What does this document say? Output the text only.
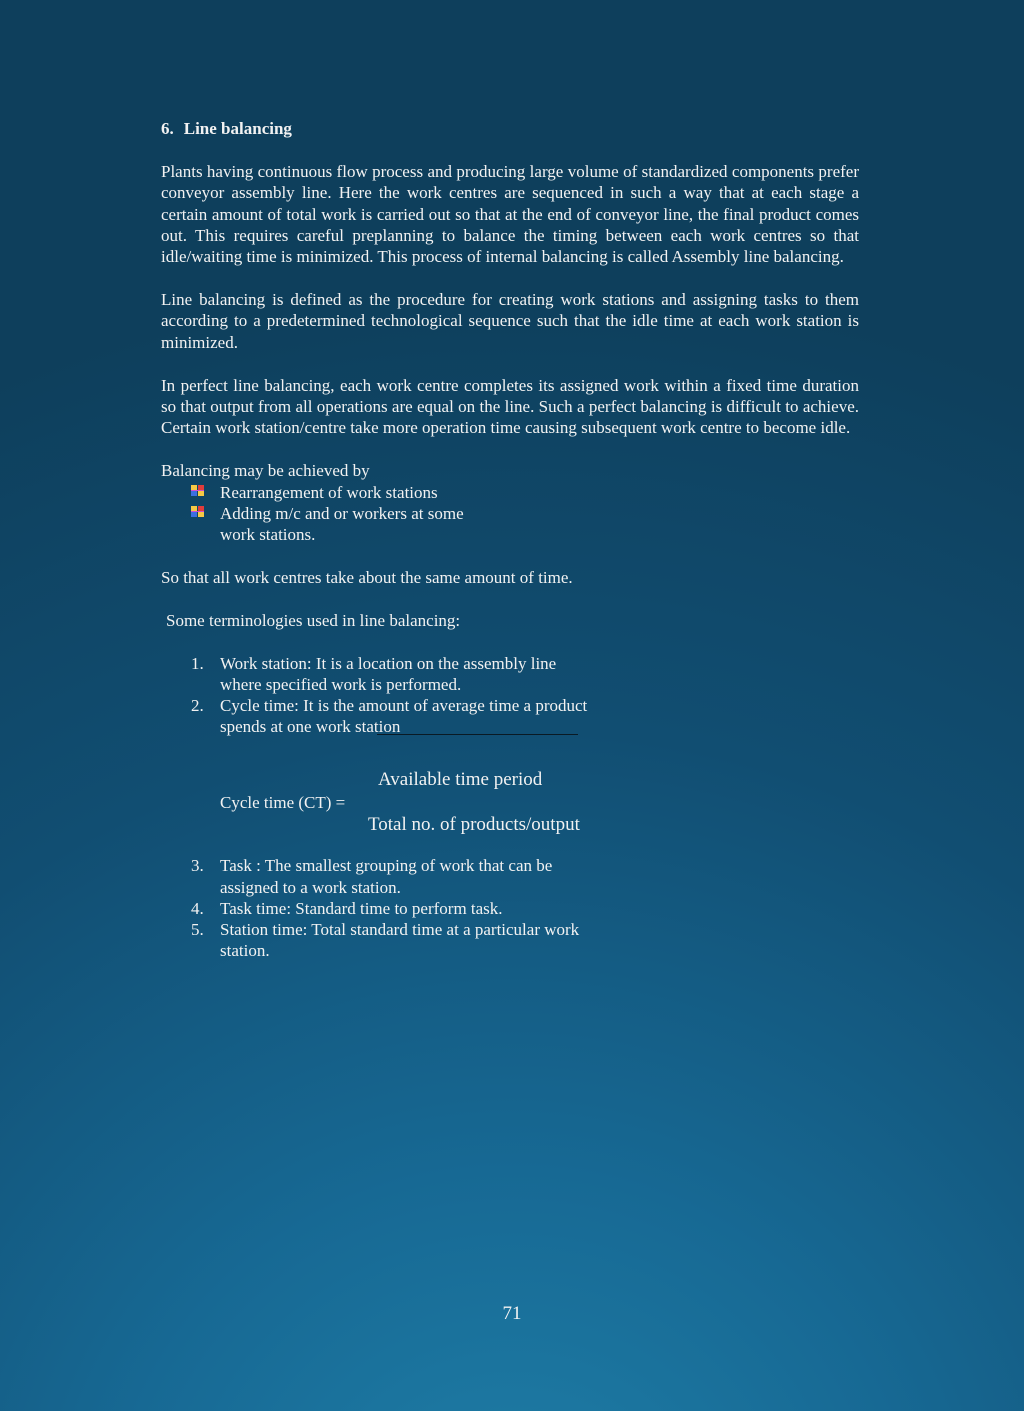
6. Line balancing

Plants having continuous flow process and producing large volume of standardized components prefer conveyor assembly line. Here the work centres are sequenced in such a way that at each stage a certain amount of total work is carried out so that at the end of conveyor line, the final product comes out. This requires careful preplanning to balance the timing between each work centres so that idle/waiting time is minimized. This process of internal balancing is called Assembly line balancing.

Line balancing is defined as the procedure for creating work stations and assigning tasks to them according to a predetermined technological sequence such that the idle time at each work station is minimized.

In perfect line balancing, each work centre completes its assigned work within a fixed time duration so that output from all operations are equal on the line. Such a perfect balancing is difficult to achieve. Certain work station/centre take more operation time causing subsequent work centre to become idle.

Balancing may be achieved by

Rearrangement of work stations
Adding m/c and or workers at some work stations.

So that all work centres take about the same amount of time.

Some terminologies used in line balancing:

1. Work station: It is a location on the assembly line where specified work is performed.
2. Cycle time: It is the amount of average time a product spends at one work station
Cycle time (CT) =
Available time period
Total no. of products/output
3. Task : The smallest grouping of work that can be assigned to a work station.
4. Task time: Standard time to perform task.
5. Station time: Total standard time at a particular work station.
71
